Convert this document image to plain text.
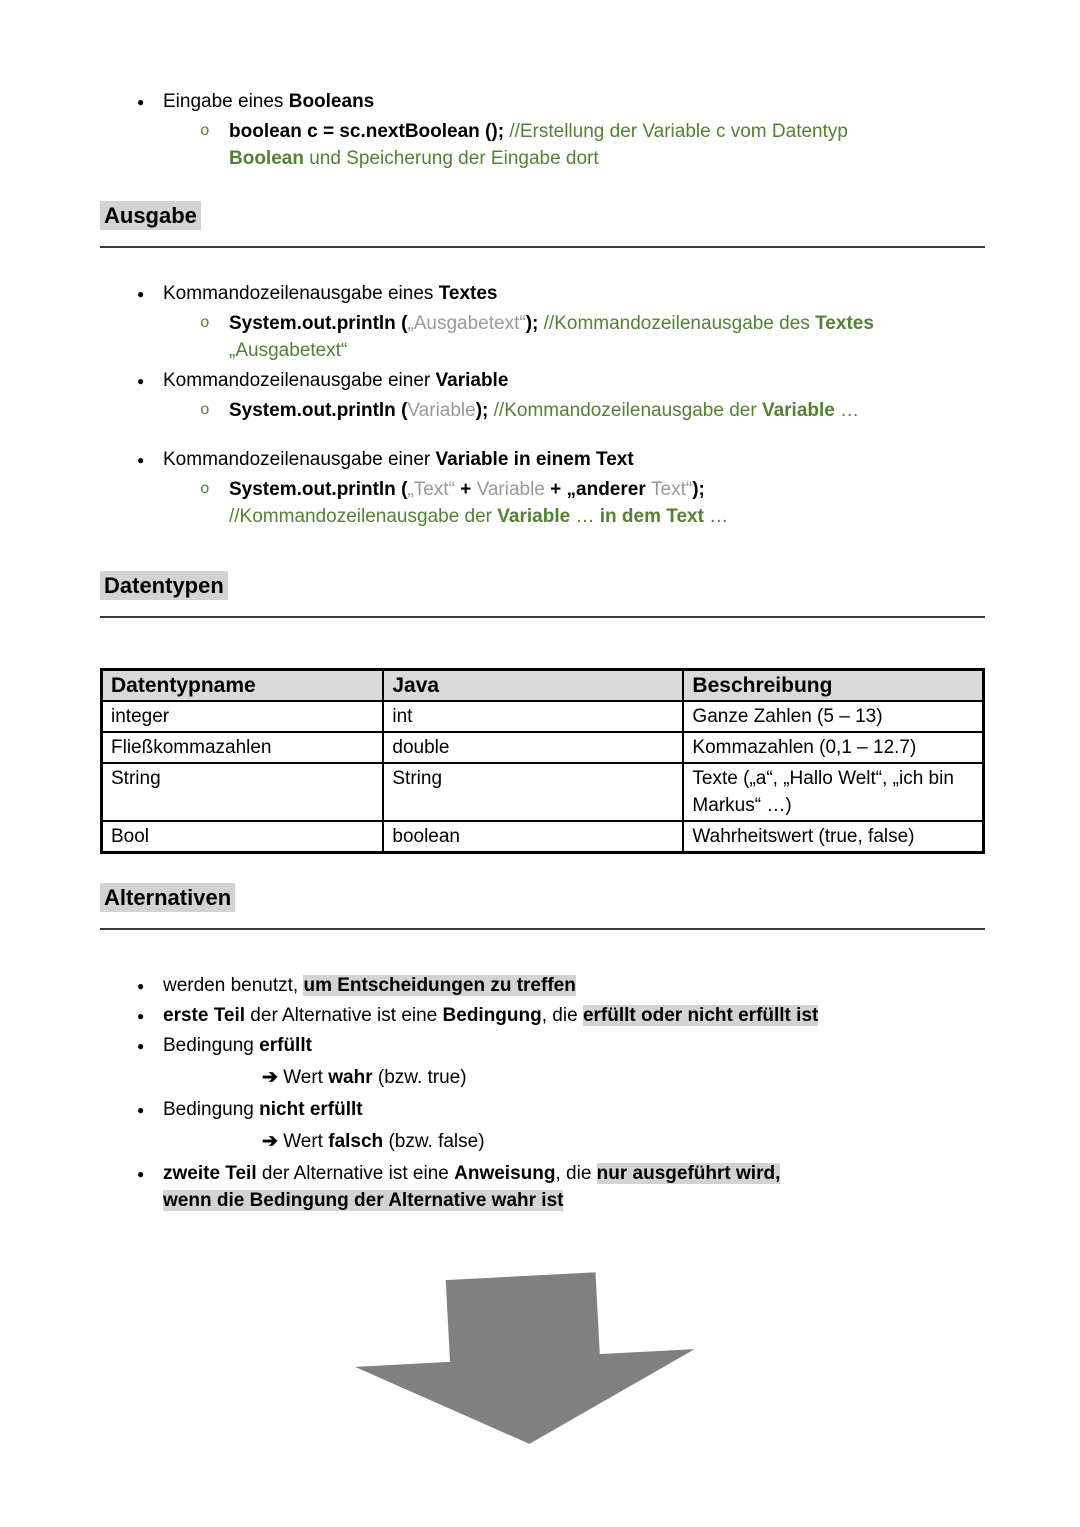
● Eingabe eines Booleans
o boolean c = sc.nextBoolean (); //Erstellung der Variable c vom Datentyp
Boolean und Speicherung der Eingabe dort
Ausgabe
● Kommandozeilenausgabe eines Textes
o System.out.println („Ausgabetext“); //Kommandozeilenausgabe des Textes
„Ausgabetext“
● Kommandozeilenausgabe einer Variable
o System.out.println (Variable); //Kommandozeilenausgabe der Variable …
● Kommandozeilenausgabe einer Variable in einem Text
o System.out.println („Text“ + Variable + „anderer Text“);
//Kommandozeilenausgabe der Variable … in dem Text …
Datentypen
Datentypname	Java	Beschreibung
integer	int	Ganze Zahlen (5 – 13)
Fließkommazahlen	double	Kommazahlen (0,1 – 12.7)
String	String	Texte („a“, „Hallo Welt“, „ich bin Markus“ …)
Bool	boolean	Wahrheitswert (true, false)
Alternativen
● werden benutzt, um Entscheidungen zu treffen
● erste Teil der Alternative ist eine Bedingung, die erfüllt oder nicht erfüllt ist
● Bedingung erfüllt
➔ Wert wahr (bzw. true)
● Bedingung nicht erfüllt
➔ Wert falsch (bzw. false)
● zweite Teil der Alternative ist eine Anweisung, die nur ausgeführt wird,
wenn die Bedingung der Alternative wahr ist
